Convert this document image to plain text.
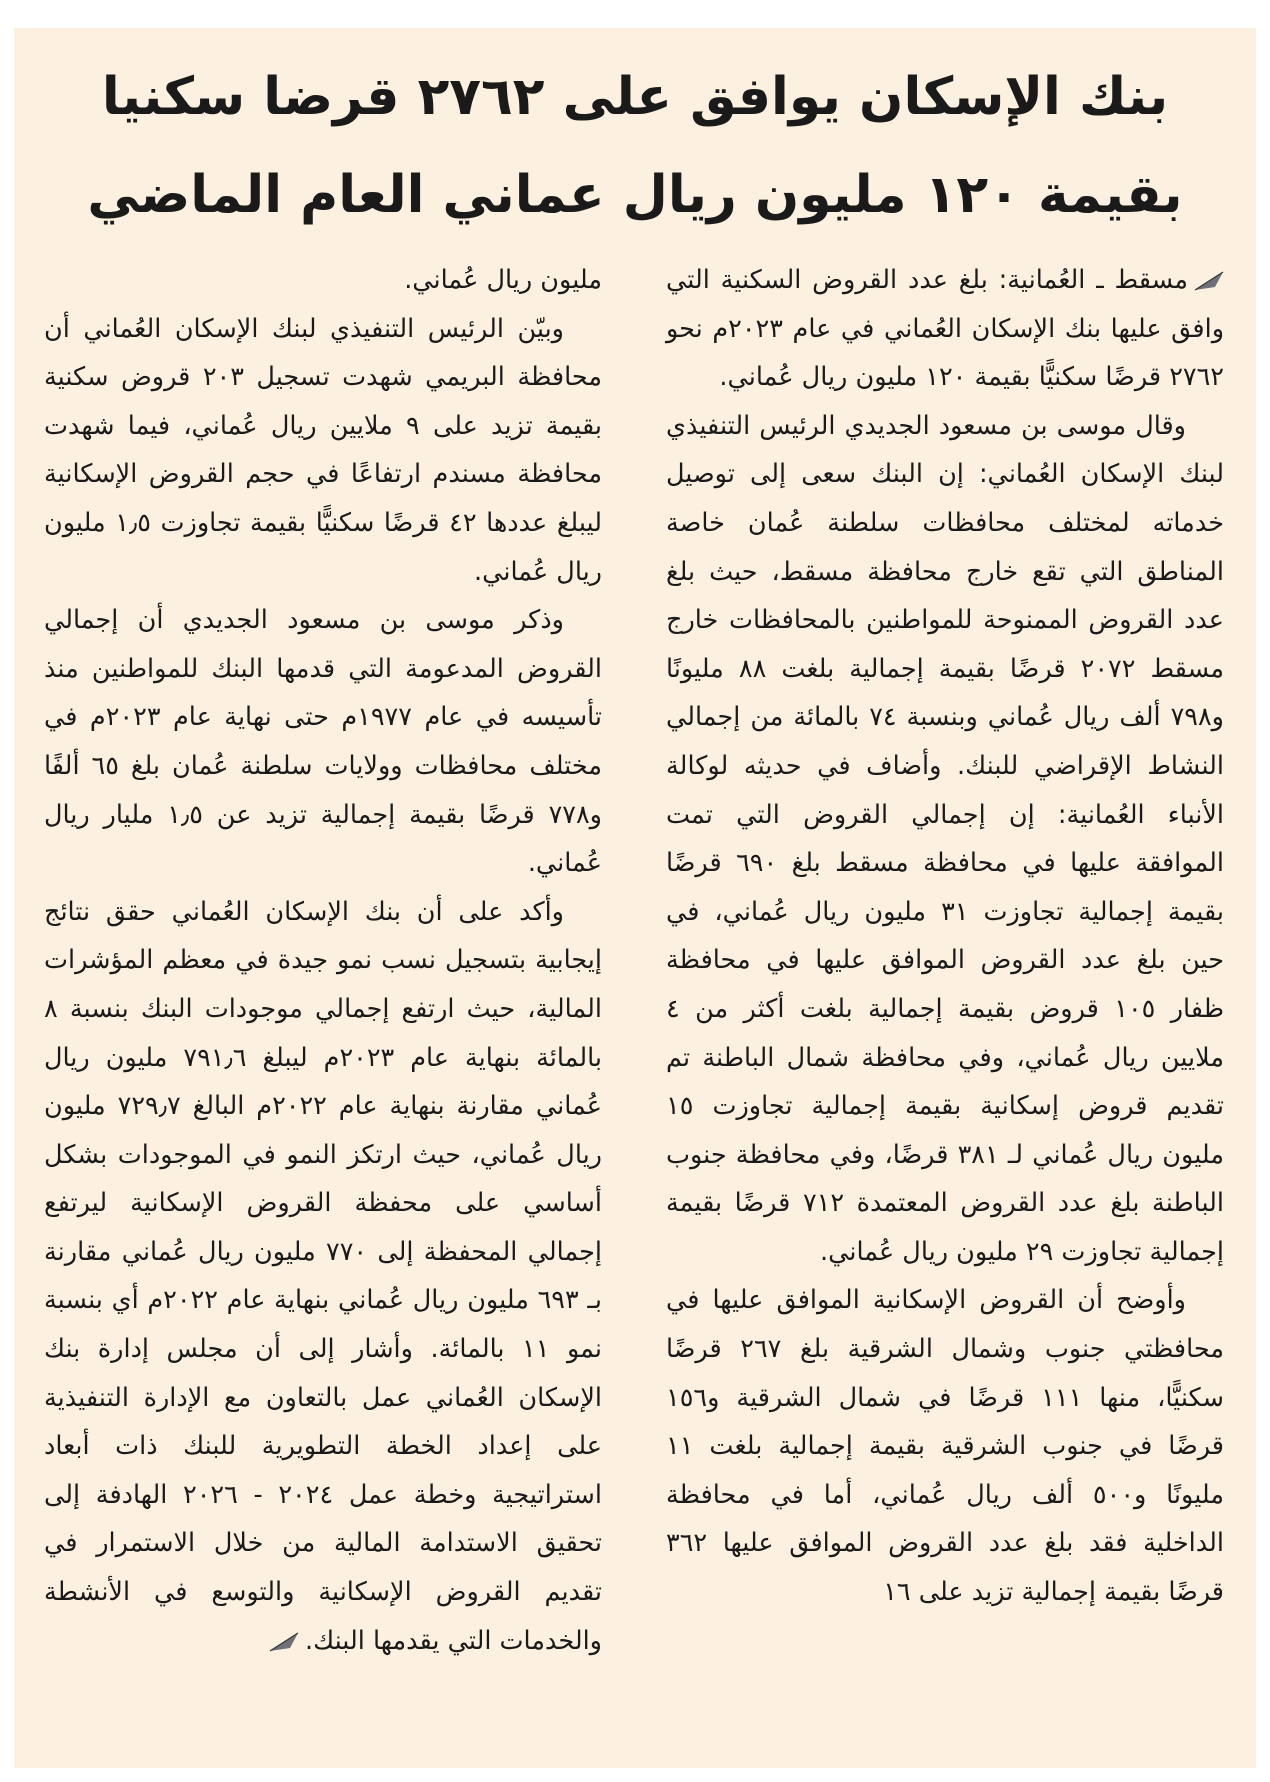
بنك الإسكان يوافق على ٢٧٦٢ قرضا سكنيا
بقيمة ١٢٠ مليون ريال عماني العام الماضي

مسقط ـ العُمانية: بلغ عدد القروض السكنية التي وافق عليها بنك الإسكان العُماني في عام ٢٠٢٣م نحو ٢٧٦٢ قرضًا سكنيًّا بقيمة ١٢٠ مليون ريال عُماني.

وقال موسى بن مسعود الجديدي الرئيس التنفيذي لبنك الإسكان العُماني: إن البنك سعى إلى توصيل خدماته لمختلف محافظات سلطنة عُمان خاصة المناطق التي تقع خارج محافظة مسقط، حيث بلغ عدد القروض الممنوحة للمواطنين بالمحافظات خارج مسقط ٢٠٧٢ قرضًا بقيمة إجمالية بلغت ٨٨ مليونًا و٧٩٨ ألف ريال عُماني وبنسبة ٧٤ بالمائة من إجمالي النشاط الإقراضي للبنك. وأضاف في حديثه لوكالة الأنباء العُمانية: إن إجمالي القروض التي تمت الموافقة عليها في محافظة مسقط بلغ ٦٩٠ قرضًا بقيمة إجمالية تجاوزت ٣١ مليون ريال عُماني، في حين بلغ عدد القروض الموافق عليها في محافظة ظفار ١٠٥ قروض بقيمة إجمالية بلغت أكثر من ٤ ملايين ريال عُماني، وفي محافظة شمال الباطنة تم تقديم قروض إسكانية بقيمة إجمالية تجاوزت ١٥ مليون ريال عُماني لـ ٣٨١ قرضًا، وفي محافظة جنوب الباطنة بلغ عدد القروض المعتمدة ٧١٢ قرضًا بقيمة إجمالية تجاوزت ٢٩ مليون ريال عُماني.

وأوضح أن القروض الإسكانية الموافق عليها في محافظتي جنوب وشمال الشرقية بلغ ٢٦٧ قرضًا سكنيًّا، منها ١١١ قرضًا في شمال الشرقية و١٥٦ قرضًا في جنوب الشرقية بقيمة إجمالية بلغت ١١ مليونًا و٥٠٠ ألف ريال عُماني، أما في محافظة الداخلية فقد بلغ عدد القروض الموافق عليها ٣٦٢ قرضًا بقيمة إجمالية تزيد على ١٦

مليون ريال عُماني.

وبيّن الرئيس التنفيذي لبنك الإسكان العُماني أن محافظة البريمي شهدت تسجيل ٢٠٣ قروض سكنية بقيمة تزيد على ٩ ملايين ريال عُماني، فيما شهدت محافظة مسندم ارتفاعًا في حجم القروض الإسكانية ليبلغ عددها ٤٢ قرضًا سكنيًّا بقيمة تجاوزت ١٫٥ مليون ريال عُماني.

وذكر موسى بن مسعود الجديدي أن إجمالي القروض المدعومة التي قدمها البنك للمواطنين منذ تأسيسه في عام ١٩٧٧م حتى نهاية عام ٢٠٢٣م في مختلف محافظات وولايات سلطنة عُمان بلغ ٦٥ ألفًا و٧٧٨ قرضًا بقيمة إجمالية تزيد عن ١٫٥ مليار ريال عُماني.

وأكد على أن بنك الإسكان العُماني حقق نتائج إيجابية بتسجيل نسب نمو جيدة في معظم المؤشرات المالية، حيث ارتفع إجمالي موجودات البنك بنسبة ٨ بالمائة بنهاية عام ٢٠٢٣م ليبلغ ٧٩١٫٦ مليون ريال عُماني مقارنة بنهاية عام ٢٠٢٢م البالغ ٧٢٩٫٧ مليون ريال عُماني، حيث ارتكز النمو في الموجودات بشكل أساسي على محفظة القروض الإسكانية ليرتفع إجمالي المحفظة إلى ٧٧٠ مليون ريال عُماني مقارنة بـ ٦٩٣ مليون ريال عُماني بنهاية عام ٢٠٢٢م أي بنسبة نمو ١١ بالمائة. وأشار إلى أن مجلس إدارة بنك الإسكان العُماني عمل بالتعاون مع الإدارة التنفيذية على إعداد الخطة التطويرية للبنك ذات أبعاد استراتيجية وخطة عمل ٢٠٢٤ - ٢٠٢٦ الهادفة إلى تحقيق الاستدامة المالية من خلال الاستمرار في تقديم القروض الإسكانية والتوسع في الأنشطة والخدمات التي يقدمها البنك.
